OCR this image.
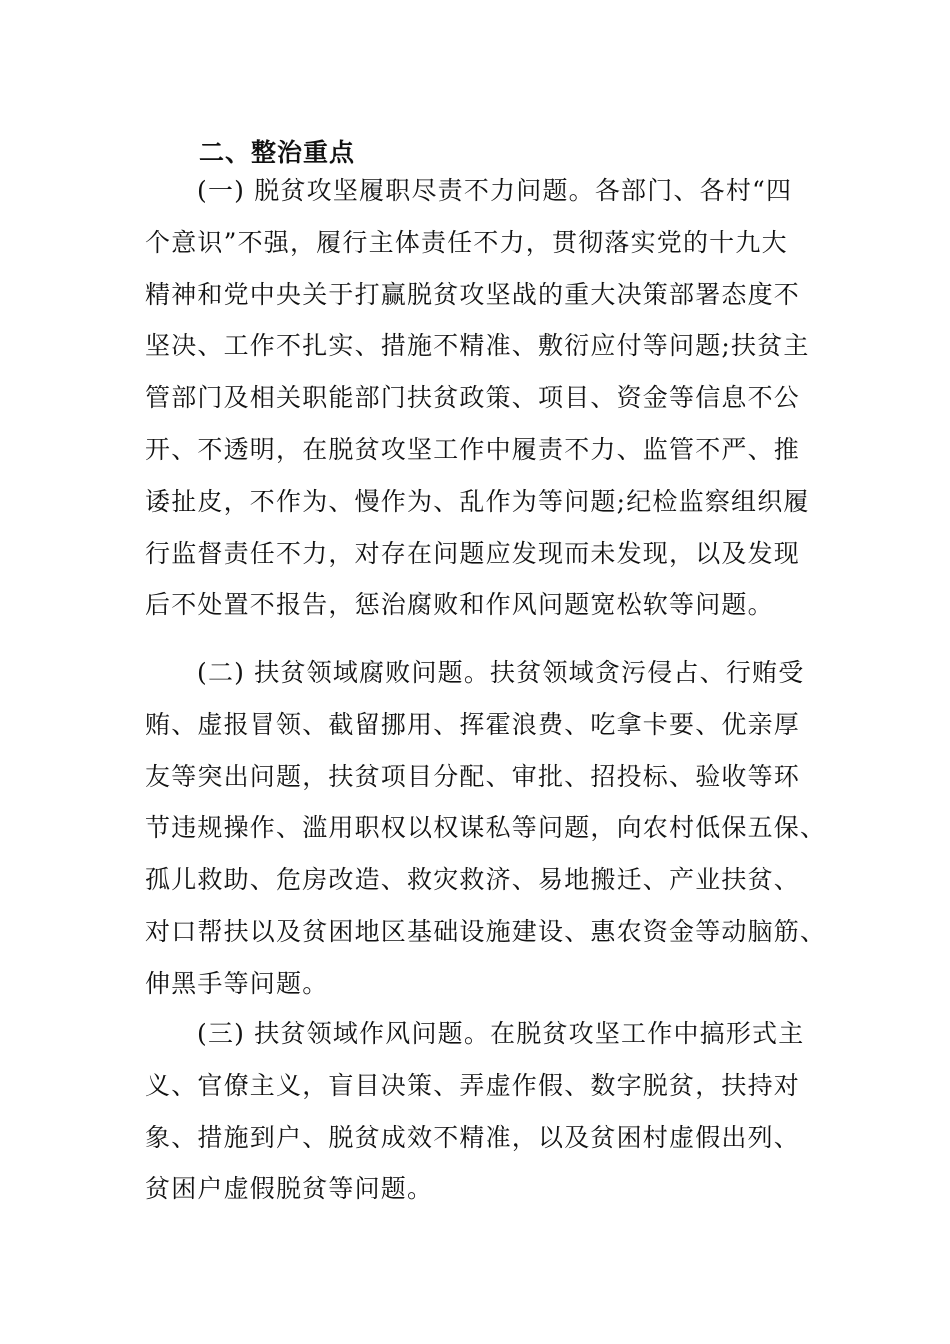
二、整治重点
(一) 脱贫攻坚履职尽责不力问题。各部门、各村“四
个意识”不强，履行主体责任不力，贯彻落实党的十九大
精神和党中央关于打赢脱贫攻坚战的重大决策部署态度不
坚决、工作不扎实、措施不精准、敷衍应付等问题;扶贫主
管部门及相关职能部门扶贫政策、项目、资金等信息不公
开、不透明，在脱贫攻坚工作中履责不力、监管不严、推
诿扯皮，不作为、慢作为、乱作为等问题;纪检监察组织履
行监督责任不力，对存在问题应发现而未发现，以及发现
后不处置不报告，惩治腐败和作风问题宽松软等问题。
(二) 扶贫领域腐败问题。扶贫领域贪污侵占、行贿受
贿、虚报冒领、截留挪用、挥霍浪费、吃拿卡要、优亲厚
友等突出问题，扶贫项目分配、审批、招投标、验收等环
节违规操作、滥用职权以权谋私等问题，向农村低保五保、
孤儿救助、危房改造、救灾救济、易地搬迁、产业扶贫、
对口帮扶以及贫困地区基础设施建设、惠农资金等动脑筋、
伸黑手等问题。
(三) 扶贫领域作风问题。在脱贫攻坚工作中搞形式主
义、官僚主义，盲目决策、弄虚作假、数字脱贫，扶持对
象、措施到户、脱贫成效不精准，以及贫困村虚假出列、
贫困户虚假脱贫等问题。
